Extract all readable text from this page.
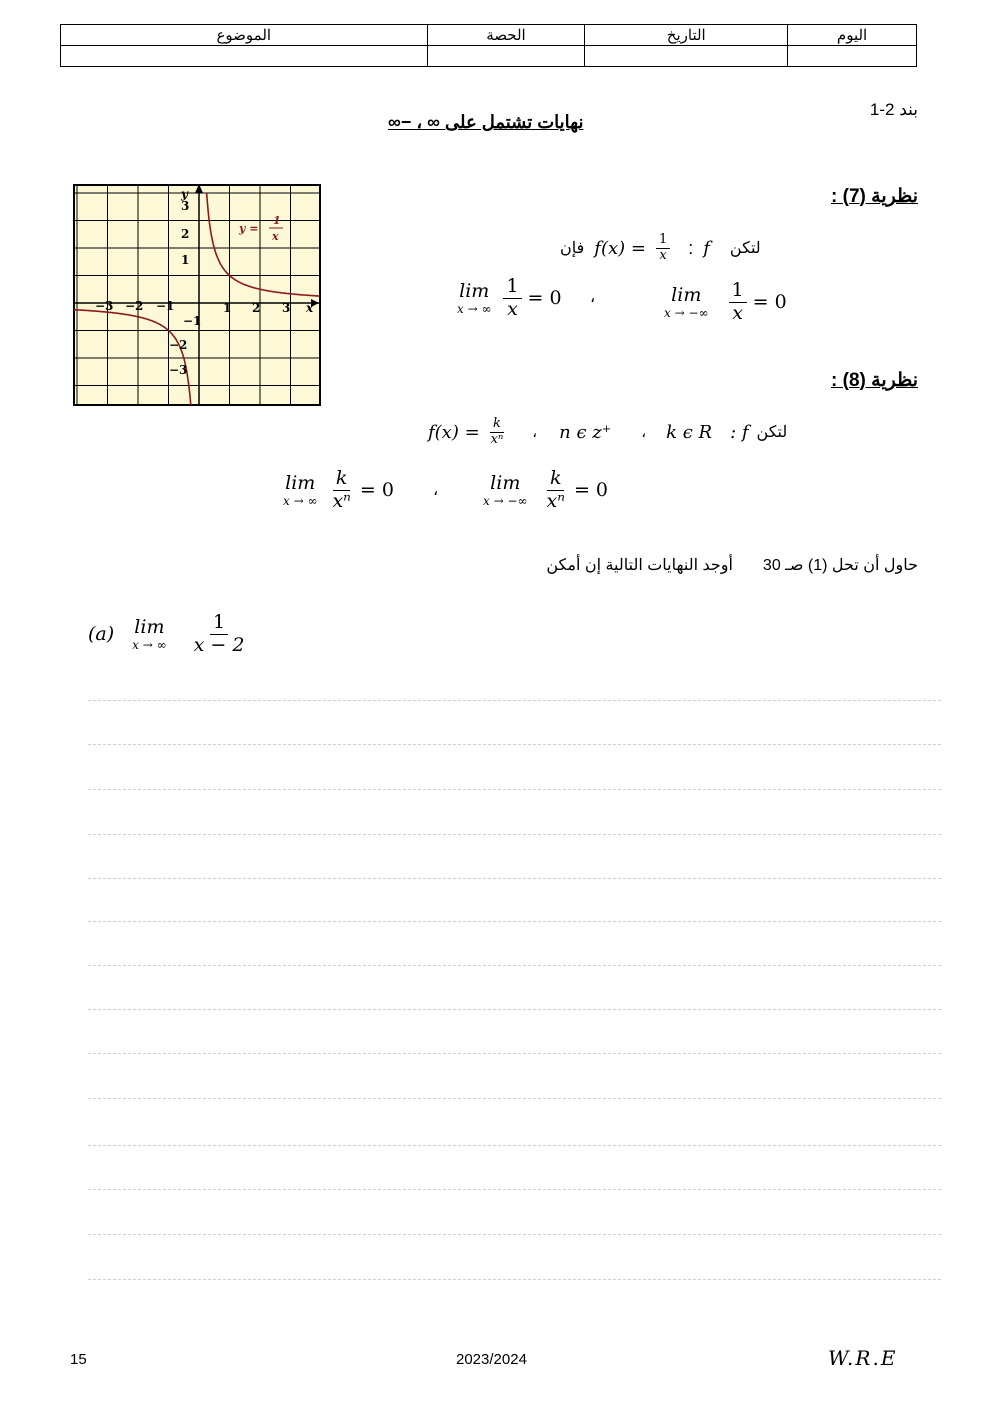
الموضوع	الحصة	التاريخ	اليوم

بند 2-1
نهايات تشتمل على ∞ ، −∞
y
x
3
2
1
−1
−2
−3
−3 −2 −1	1 2 3
y =
1
x
نظرية (7) :
فإن $f(x) = \frac{1}{x}$ : f لتكن
lim
x → ∞ $\frac{1}{x} = 0$ ،	lim
x → −∞ $\frac{1}{x} = 0$
نظرية (8) :
$f(x) = \frac{k}{\text{xⁿ}}$ ، n ϵ z⁺ ، k ϵ R : f لتكن
lim
x → ∞ $\frac{k}{\text{xⁿ}} = 0$ ،	lim
x → −∞ $\frac{k}{\text{xⁿ}} = 0$
حاول أن تحل (1) صـ 30
أوجد النهايات التالية إن أمكن
(a) lim
x → ∞ $\frac{1}{x - 2}$
15	2023/2024	W.R.E
